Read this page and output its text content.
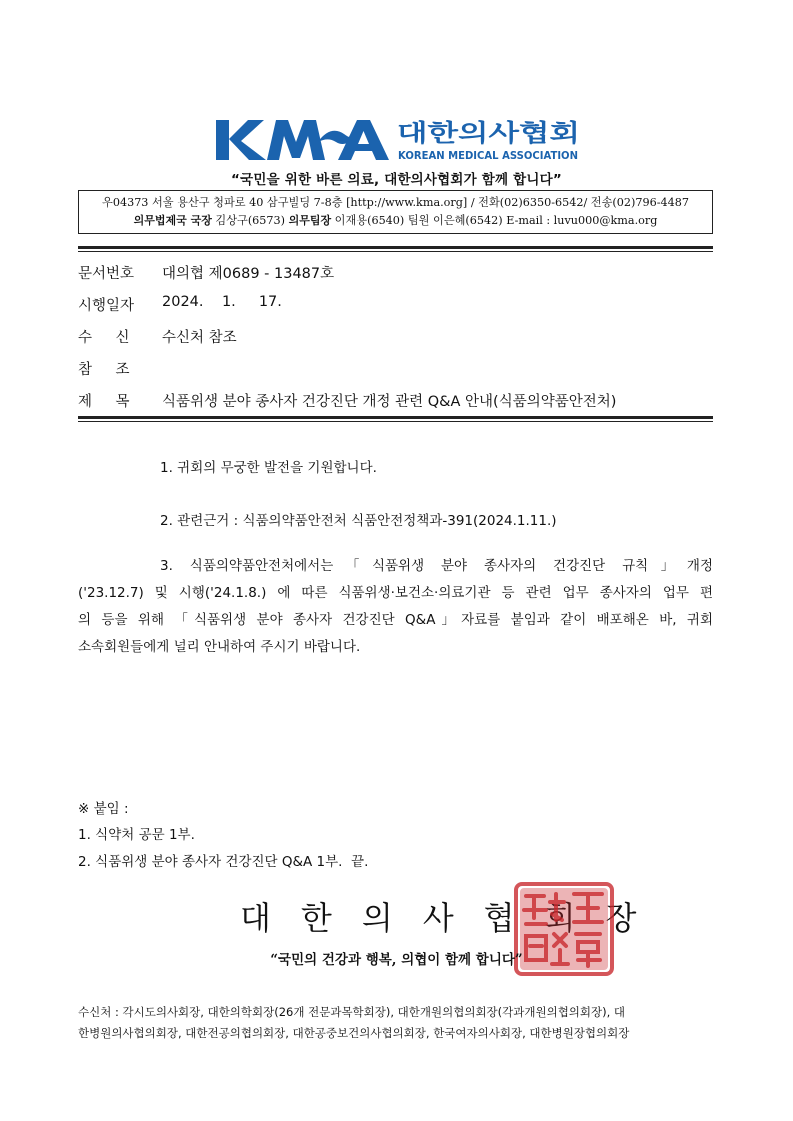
대한의사협회
KOREAN MEDICAL ASSOCIATION
“국민을 위한 바른 의료, 대한의사협회가 함께 합니다”
우04373 서울 용산구 청파로 40 삼구빌딩 7-8층 [http://www.kma.org] / 전화(02)6350-6542/ 전송(02)796-4487
의무법제국 국장 김상구(6573) 의무팀장 이재용(6540) 팀원 이은혜(6542) E-mail : luvu000@kma.org
문서번호 대의협 제0689 - 13487호
시행일자 2024.    1.     17.
수    신 수신처 참조
참    조
제    목 식품위생 분야 종사자 건강진단 개정 관련 Q&A 안내(식품의약품안전처)
1. 귀회의 무궁한 발전을 기원합니다.
2. 관련근거 : 식품의약품안전처 식품안전정책과-391(2024.1.11.)
3. 식품의약품안전처에서는「식품위생 분야 종사자의 건강진단 규칙」개정
('23.12.7) 및 시행('24.1.8.) 에 따른 식품위생·보건소·의료기관 등 관련 업무 종사자의 업무 편
의 등을 위해 「식품위생 분야 종사자 건강진단 Q&A」자료를 붙임과 같이 배포해온 바, 귀회
소속회원들에게 널리 안내하여 주시기 바랍니다.
※ 붙임 :
1. 식약처 공문 1부.
2. 식품위생 분야 종사자 건강진단 Q&A 1부.  끝.
대한의사협회장
“국민의 건강과 행복, 의협이 함께 합니다”
수신처 : 각시도의사회장, 대한의학회장(26개 전문과목학회장), 대한개원의협의회장(각과개원의협의회장), 대
한병원의사협의회장, 대한전공의협의회장, 대한공중보건의사협의회장, 한국여자의사회장, 대한병원장협의회장
